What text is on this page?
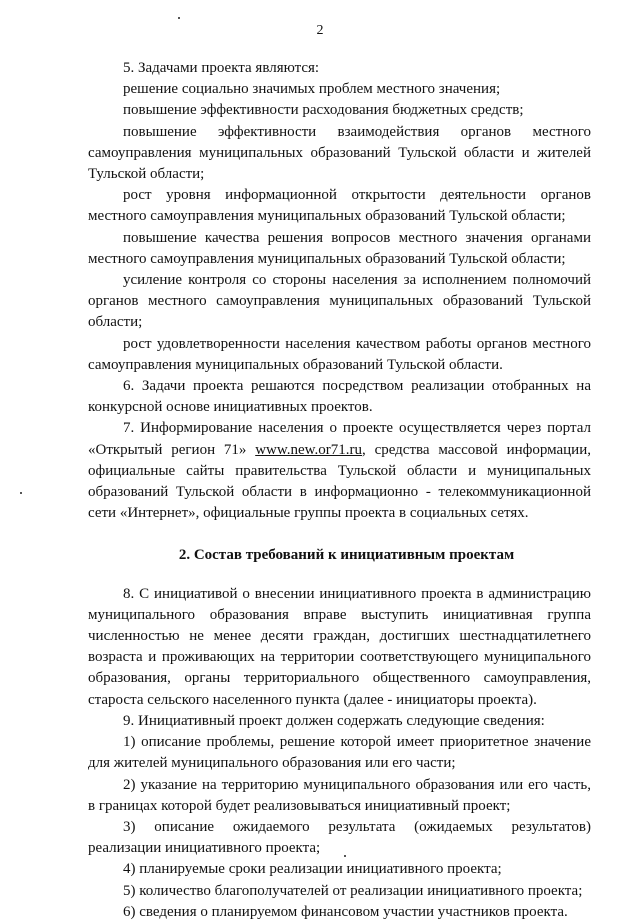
2

5. Задачами проекта являются:

решение социально значимых проблем местного значения;

повышение эффективности расходования бюджетных средств;

повышение эффективности взаимодействия органов местного самоуправления муниципальных образований Тульской области и жителей Тульской области;

рост уровня информационной открытости деятельности органов местного самоуправления муниципальных образований Тульской области;

повышение качества решения вопросов местного значения органами местного самоуправления муниципальных образований Тульской области;

усиление контроля со стороны населения за исполнением полномочий органов местного самоуправления муниципальных образований Тульской области;

рост удовлетворенности населения качеством работы органов местного самоуправления муниципальных образований Тульской области.

6. Задачи проекта решаются посредством реализации отобранных на конкурсной основе инициативных проектов.

7. Информирование населения о проекте осуществляется через портал «Открытый регион 71» www.new.or71.ru, средства массовой информации, официальные сайты правительства Тульской области и муниципальных образований Тульской области в информационно - телекоммуникационной сети «Интернет», официальные группы проекта в социальных сетях.

2. Состав требований к инициативным проектам

8. С инициативой о внесении инициативного проекта в администрацию муниципального образования вправе выступить инициативная группа численностью не менее десяти граждан, достигших шестнадцатилетнего возраста и проживающих на территории соответствующего муниципального образования, органы территориального общественного самоуправления, староста сельского населенного пункта (далее - инициаторы проекта).

9. Инициативный проект должен содержать следующие сведения:

1) описание проблемы, решение которой имеет приоритетное значение для жителей муниципального образования или его части;

2) указание на территорию муниципального образования или его часть, в границах которой будет реализовываться инициативный проект;

3) описание ожидаемого результата (ожидаемых результатов) реализации инициативного проекта;

4) планируемые сроки реализации инициативного проекта;

5) количество благополучателей от реализации инициативного проекта;

6) сведения о планируемом финансовом участии участников проекта.
